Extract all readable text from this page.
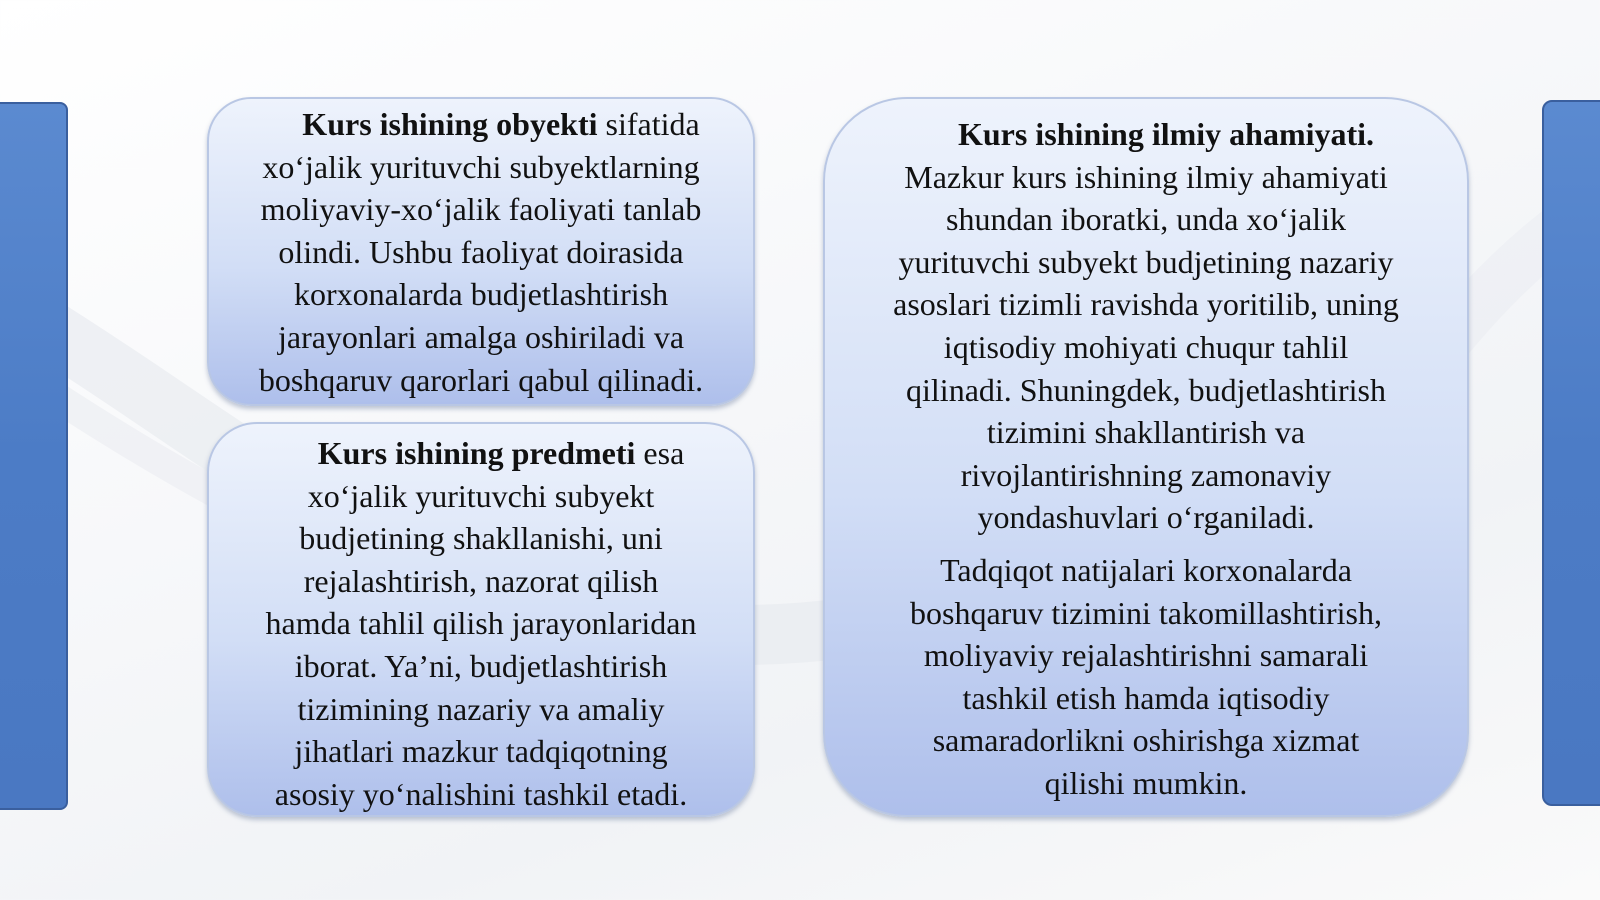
Kurs ishining obyekti sifatida
xo‘jalik yurituvchi subyektlarning
moliyaviy-xo‘jalik faoliyati tanlab
olindi. Ushbu faoliyat doirasida
korxonalarda budjetlashtirish
jarayonlari amalga oshiriladi va
boshqaruv qarorlari qabul qilinadi.

Kurs ishining predmeti esa
xo‘jalik yurituvchi subyekt
budjetining shakllanishi, uni
rejalashtirish, nazorat qilish
hamda tahlil qilish jarayonlaridan
iborat. Ya’ni, budjetlashtirish
tizimining nazariy va amaliy
jihatlari mazkur tadqiqotning
asosiy yo‘nalishini tashkil etadi.

Kurs ishining ilmiy ahamiyati.
Mazkur kurs ishining ilmiy ahamiyati
shundan iboratki, unda xo‘jalik
yurituvchi subyekt budjetining nazariy
asoslari tizimli ravishda yoritilib, uning
iqtisodiy mohiyati chuqur tahlil
qilinadi. Shuningdek, budjetlashtirish
tizimini shakllantirish va
rivojlantirishning zamonaviy
yondashuvlari o‘rganiladi.

Tadqiqot natijalari korxonalarda
boshqaruv tizimini takomillashtirish,
moliyaviy rejalashtirishni samarali
tashkil etish hamda iqtisodiy
samaradorlikni oshirishga xizmat
qilishi mumkin.
